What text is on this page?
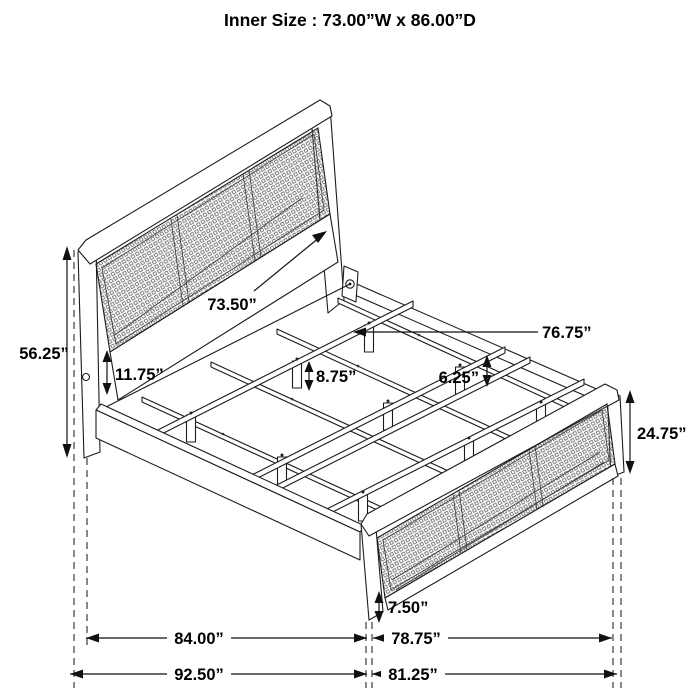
Inner Size : 73.00”W x 86.00”D
56.25”
73.50”
76.75”
11.75”	8.75”	6.25”
24.75”
7.50”
84.00”	78.75”
92.50”	81.25”
